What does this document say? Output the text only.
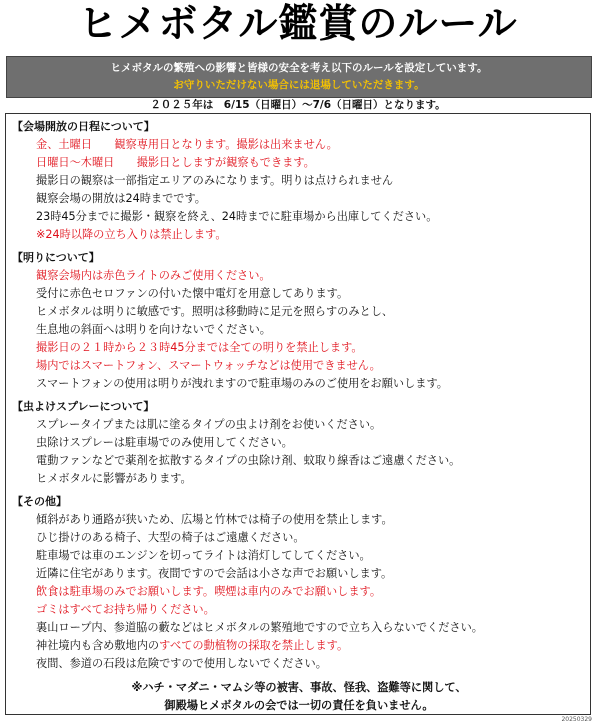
ヒメボタル鑑賞のルール
ヒメボタルの繁殖への影響と皆様の安全を考え以下のルールを設定しています。
お守りいただけない場合には退場していただきます。
２０２５年は　6/15（日曜日）～7/6（日曜日）となります。
【会場開放の日程について】
金、土曜日　　観察専用日となります。撮影は出来ません。
日曜日～木曜日　　撮影日としますが観察もできます。
撮影日の観察は一部指定エリアのみになります。明りは点けられません
観察会場の開放は24時までです。
23時45分までに撮影・観察を終え、24時までに駐車場から出庫してください。
※24時以降の立ち入りは禁止します。
【明りについて】
観察会場内は赤色ライトのみご使用ください。
受付に赤色セロファンの付いた懐中電灯を用意してあります。
ヒメボタルは明りに敏感です。照明は移動時に足元を照らすのみとし、
生息地の斜面へは明りを向けないでください。
撮影日の２１時から２３時45分までは全ての明りを禁止します。
場内ではスマートフォン、スマートウォッチなどは使用できません。
スマートフォンの使用は明りが洩れますので駐車場のみのご使用をお願いします。
【虫よけスプレーについて】
スプレータイプまたは肌に塗るタイプの虫よけ剤をお使いください。
虫除けスプレーは駐車場でのみ使用してください。
電動ファンなどで薬剤を拡散するタイプの虫除け剤、蚊取り線香はご遠慮ください。
ヒメボタルに影響があります。
【その他】
傾斜があり通路が狭いため、広場と竹林では椅子の使用を禁止します。
ひじ掛けのある椅子、大型の椅子はご遠慮ください。
駐車場では車のエンジンを切ってライトは消灯してしてください。
近隣に住宅があります。夜間ですので会話は小さな声でお願いします。
飲食は駐車場のみでお願いします。喫煙は車内のみでお願いします。
ゴミはすべてお持ち帰りください。
裏山ロープ内、参道脇の藪などはヒメボタルの繁殖地ですので立ち入らないでください。
神社境内も含め敷地内のすべての動植物の採取を禁止します。
夜間、参道の石段は危険ですので使用しないでください。
※ハチ・マダニ・マムシ等の被害、事故、怪我、盗難等に関して、
御殿場ヒメボタルの会では一切の責任を負いません。
20250329
